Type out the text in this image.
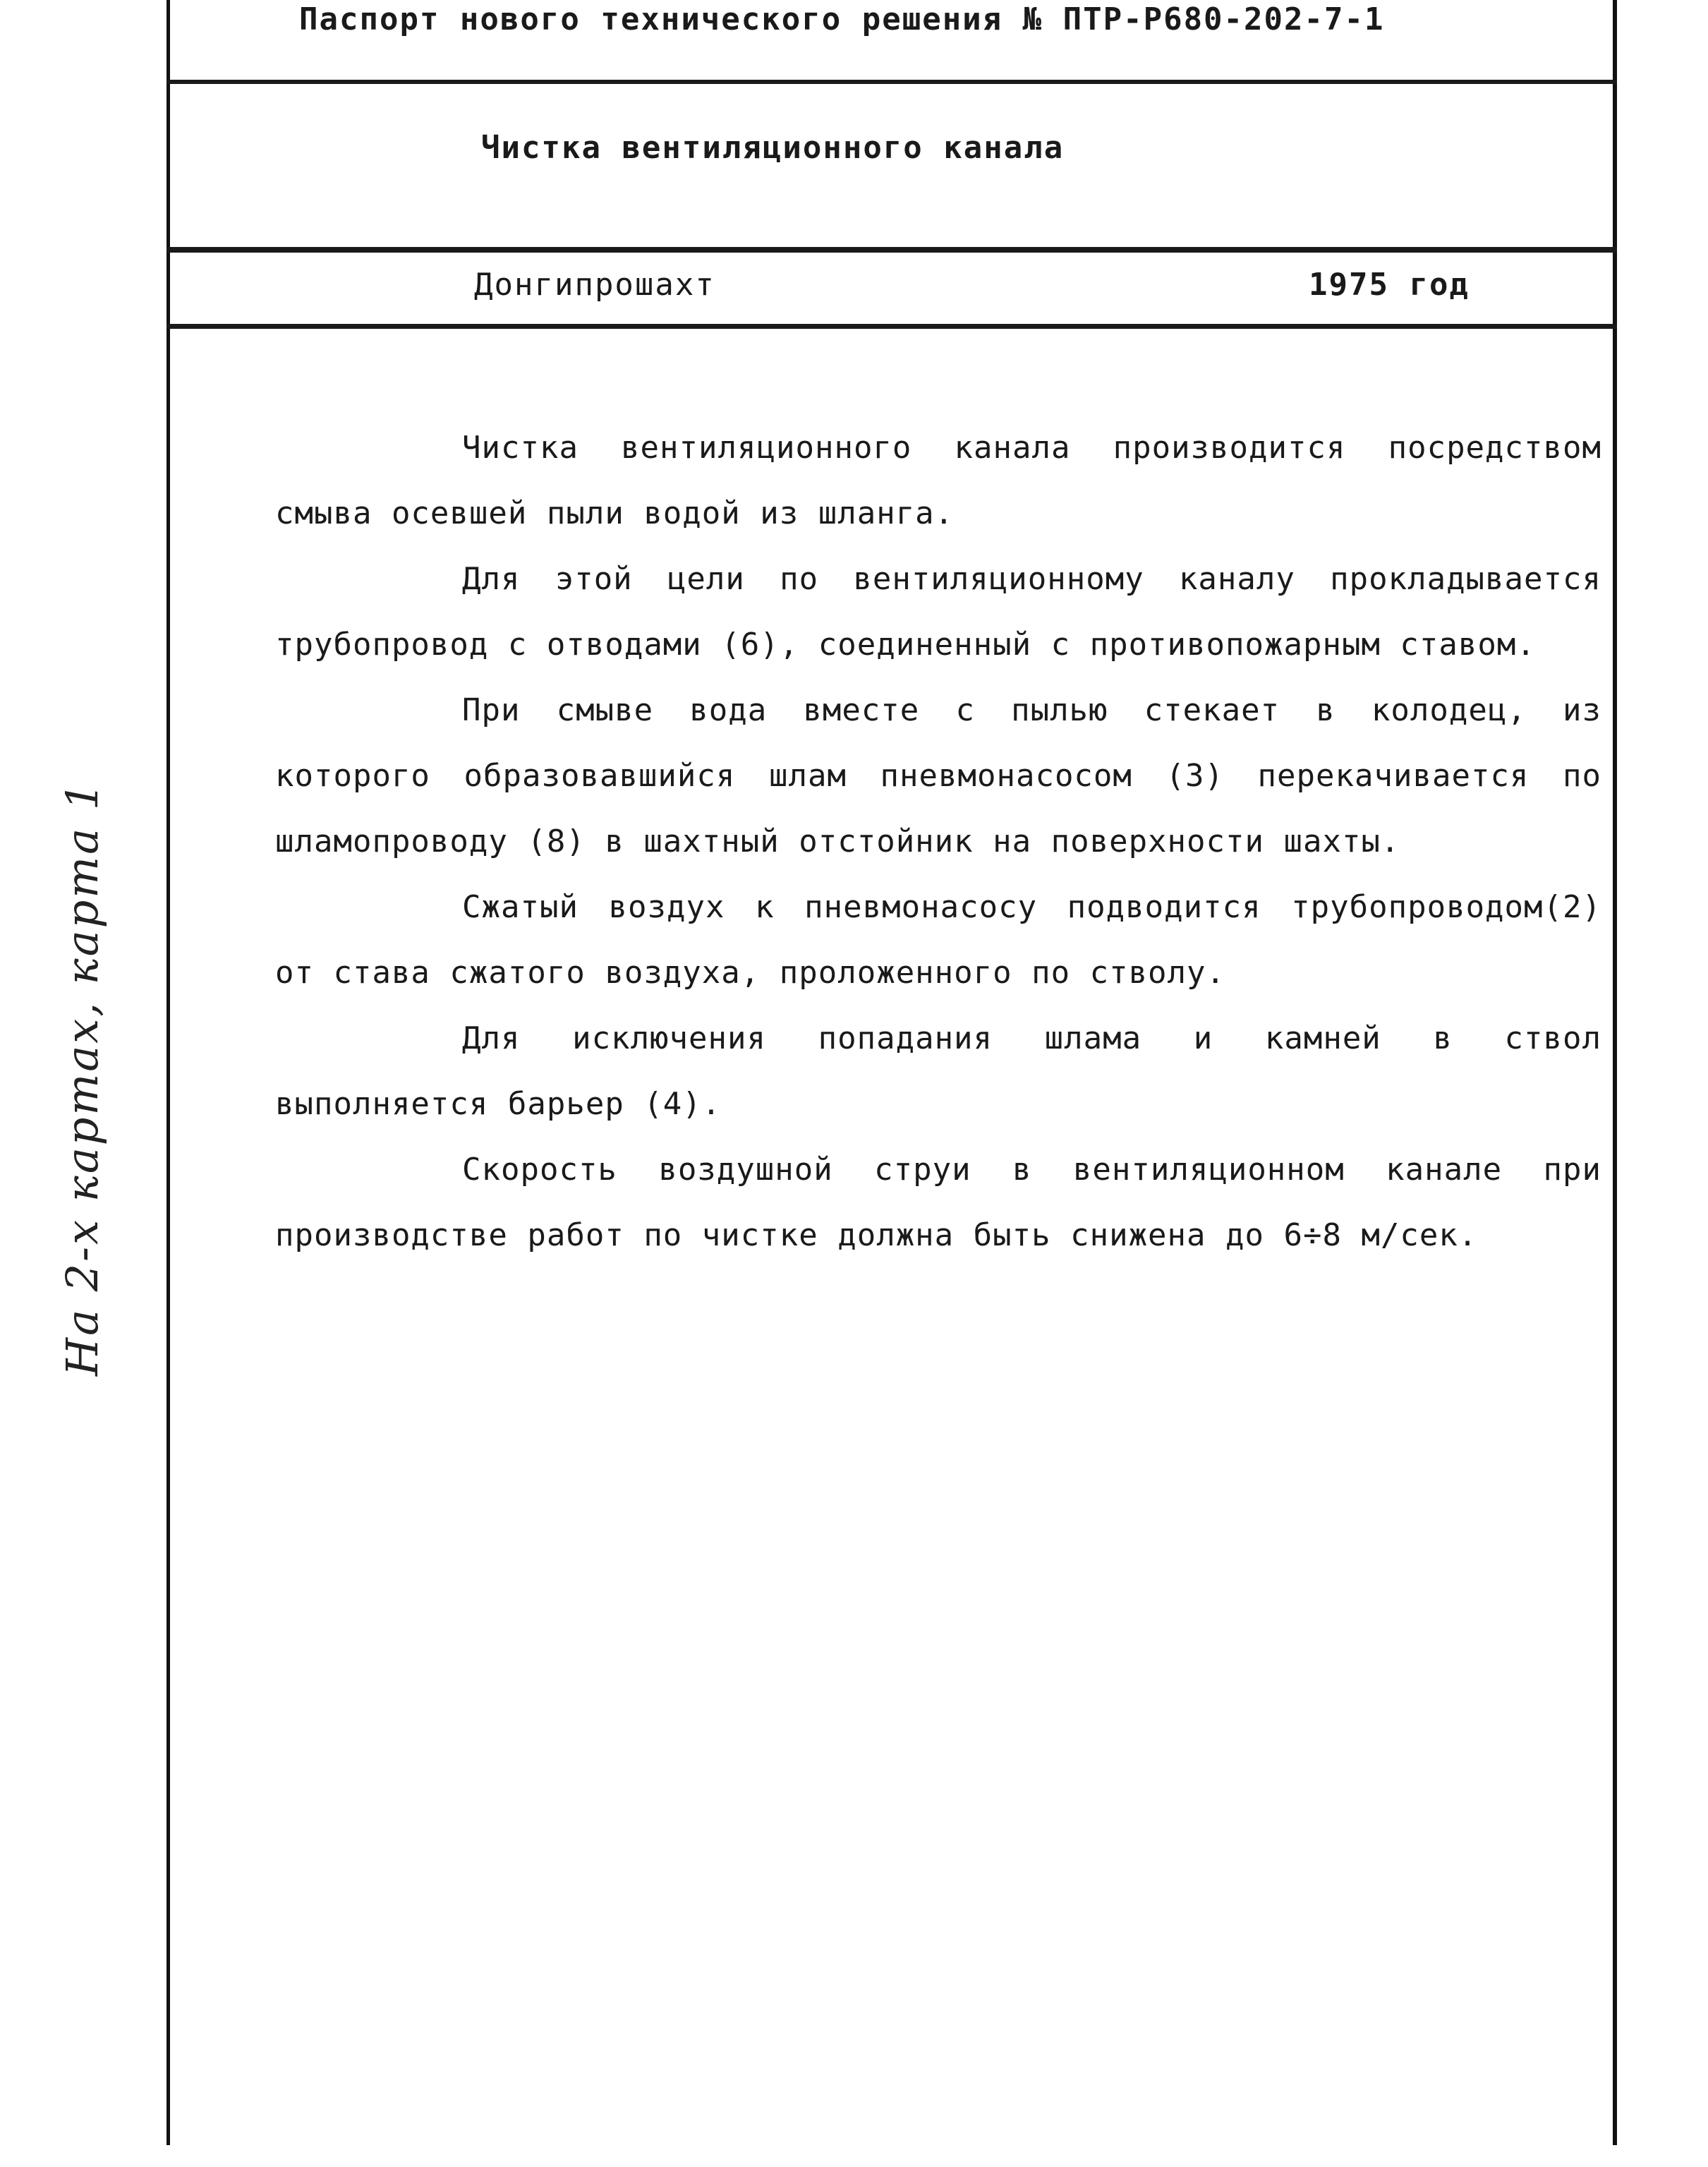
Паспорт нового технического решения № ПТР-Р680-202-7-1
Чистка вентиляционного канала
Донгипрошахт	1975 год

Чистка вентиляционного канала производится посредством смыва осевшей пыли водой из шланга.

Для этой цели по вентиляционному каналу прокладывается трубопровод с отводами (6), соединенный с противопожарным ставом.

При смыве вода вместе с пылью стекает в колодец, из которого образовавшийся шлам пневмонасосом (3) перекачивается по шламопроводу (8) в шахтный отстойник на поверхности шахты.

Сжатый воздух к пневмонасосу подводится трубопроводом(2) от става сжатого воздуха, проложенного по стволу.

Для исключения попадания шлама и камней в ствол выполняется барьер (4).

Скорость воздушной струи в вентиляционном канале при производстве работ по чистке должна быть снижена до 6÷8 м/сек.

На 2-х картах, карта 1
